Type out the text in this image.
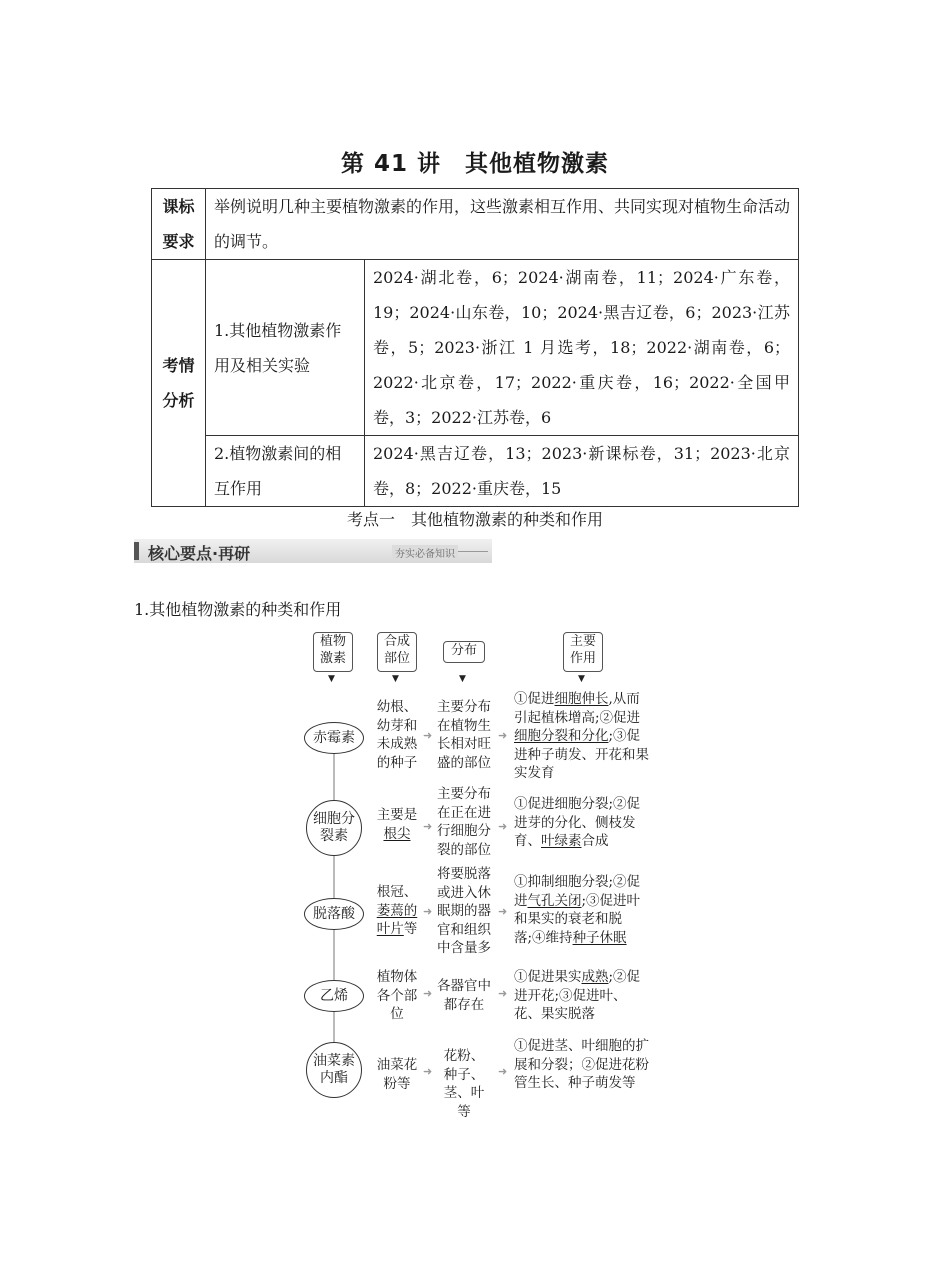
第 41 讲　其他植物激素
课标要求	举例说明几种主要植物激素的作用，这些激素相互作用、共同实现对植物生命活动的调节。	
考情分析	1.其他植物激素作用及相关实验	2024·湖北卷，6；2024·湖南卷，11；2024·广东卷，19；2024·山东卷，10；2024·黑吉辽卷，6；2023·江苏卷，5；2023·浙江 1 月选考，18；2022·湖南卷，6；2022·北京卷，17；2022·重庆卷，16；2022·全国甲卷，3；2022·江苏卷，6
	2.植物激素间的相互作用	2024·黑吉辽卷，13；2023·新课标卷，31；2023·北京卷，8；2022·重庆卷，15
考点一　其他植物激素的种类和作用
核心要点·再研	夯实必备知识
1.其他植物激素的种类和作用
植物激素
合成部位
分布
主要作用
▼	▼	▼	▼
赤霉素
幼根、幼芽和未成熟的种子
➜
主要分布在植物生长相对旺盛的部位
➜
①促进细胞伸长,从而引起植株增高;②促进细胞分裂和分化;③促进种子萌发、开花和果实发育
细胞分裂素
主要是
根尖	➜
主要分布在正在进行细胞分裂的部位
➜
①促进细胞分裂;②促进芽的分化、侧枝发育、叶绿素合成
脱落酸
根冠、
萎蔫的
叶片等
➜
将要脱落或进入休眠期的器官和组织中含量多
➜
①抑制细胞分裂;②促进气孔关闭;③促进叶和果实的衰老和脱落;④维持种子休眠
乙烯
植物体各个部位
➜ 各器官中都存在
➜
①促进果实成熟;②促进开花;③促进叶、花、果实脱落
油菜素内酯
油菜花粉等
➜
花粉、种子、茎、叶等
➜
①促进茎、叶细胞的扩展和分裂；②促进花粉管生长、种子萌发等
